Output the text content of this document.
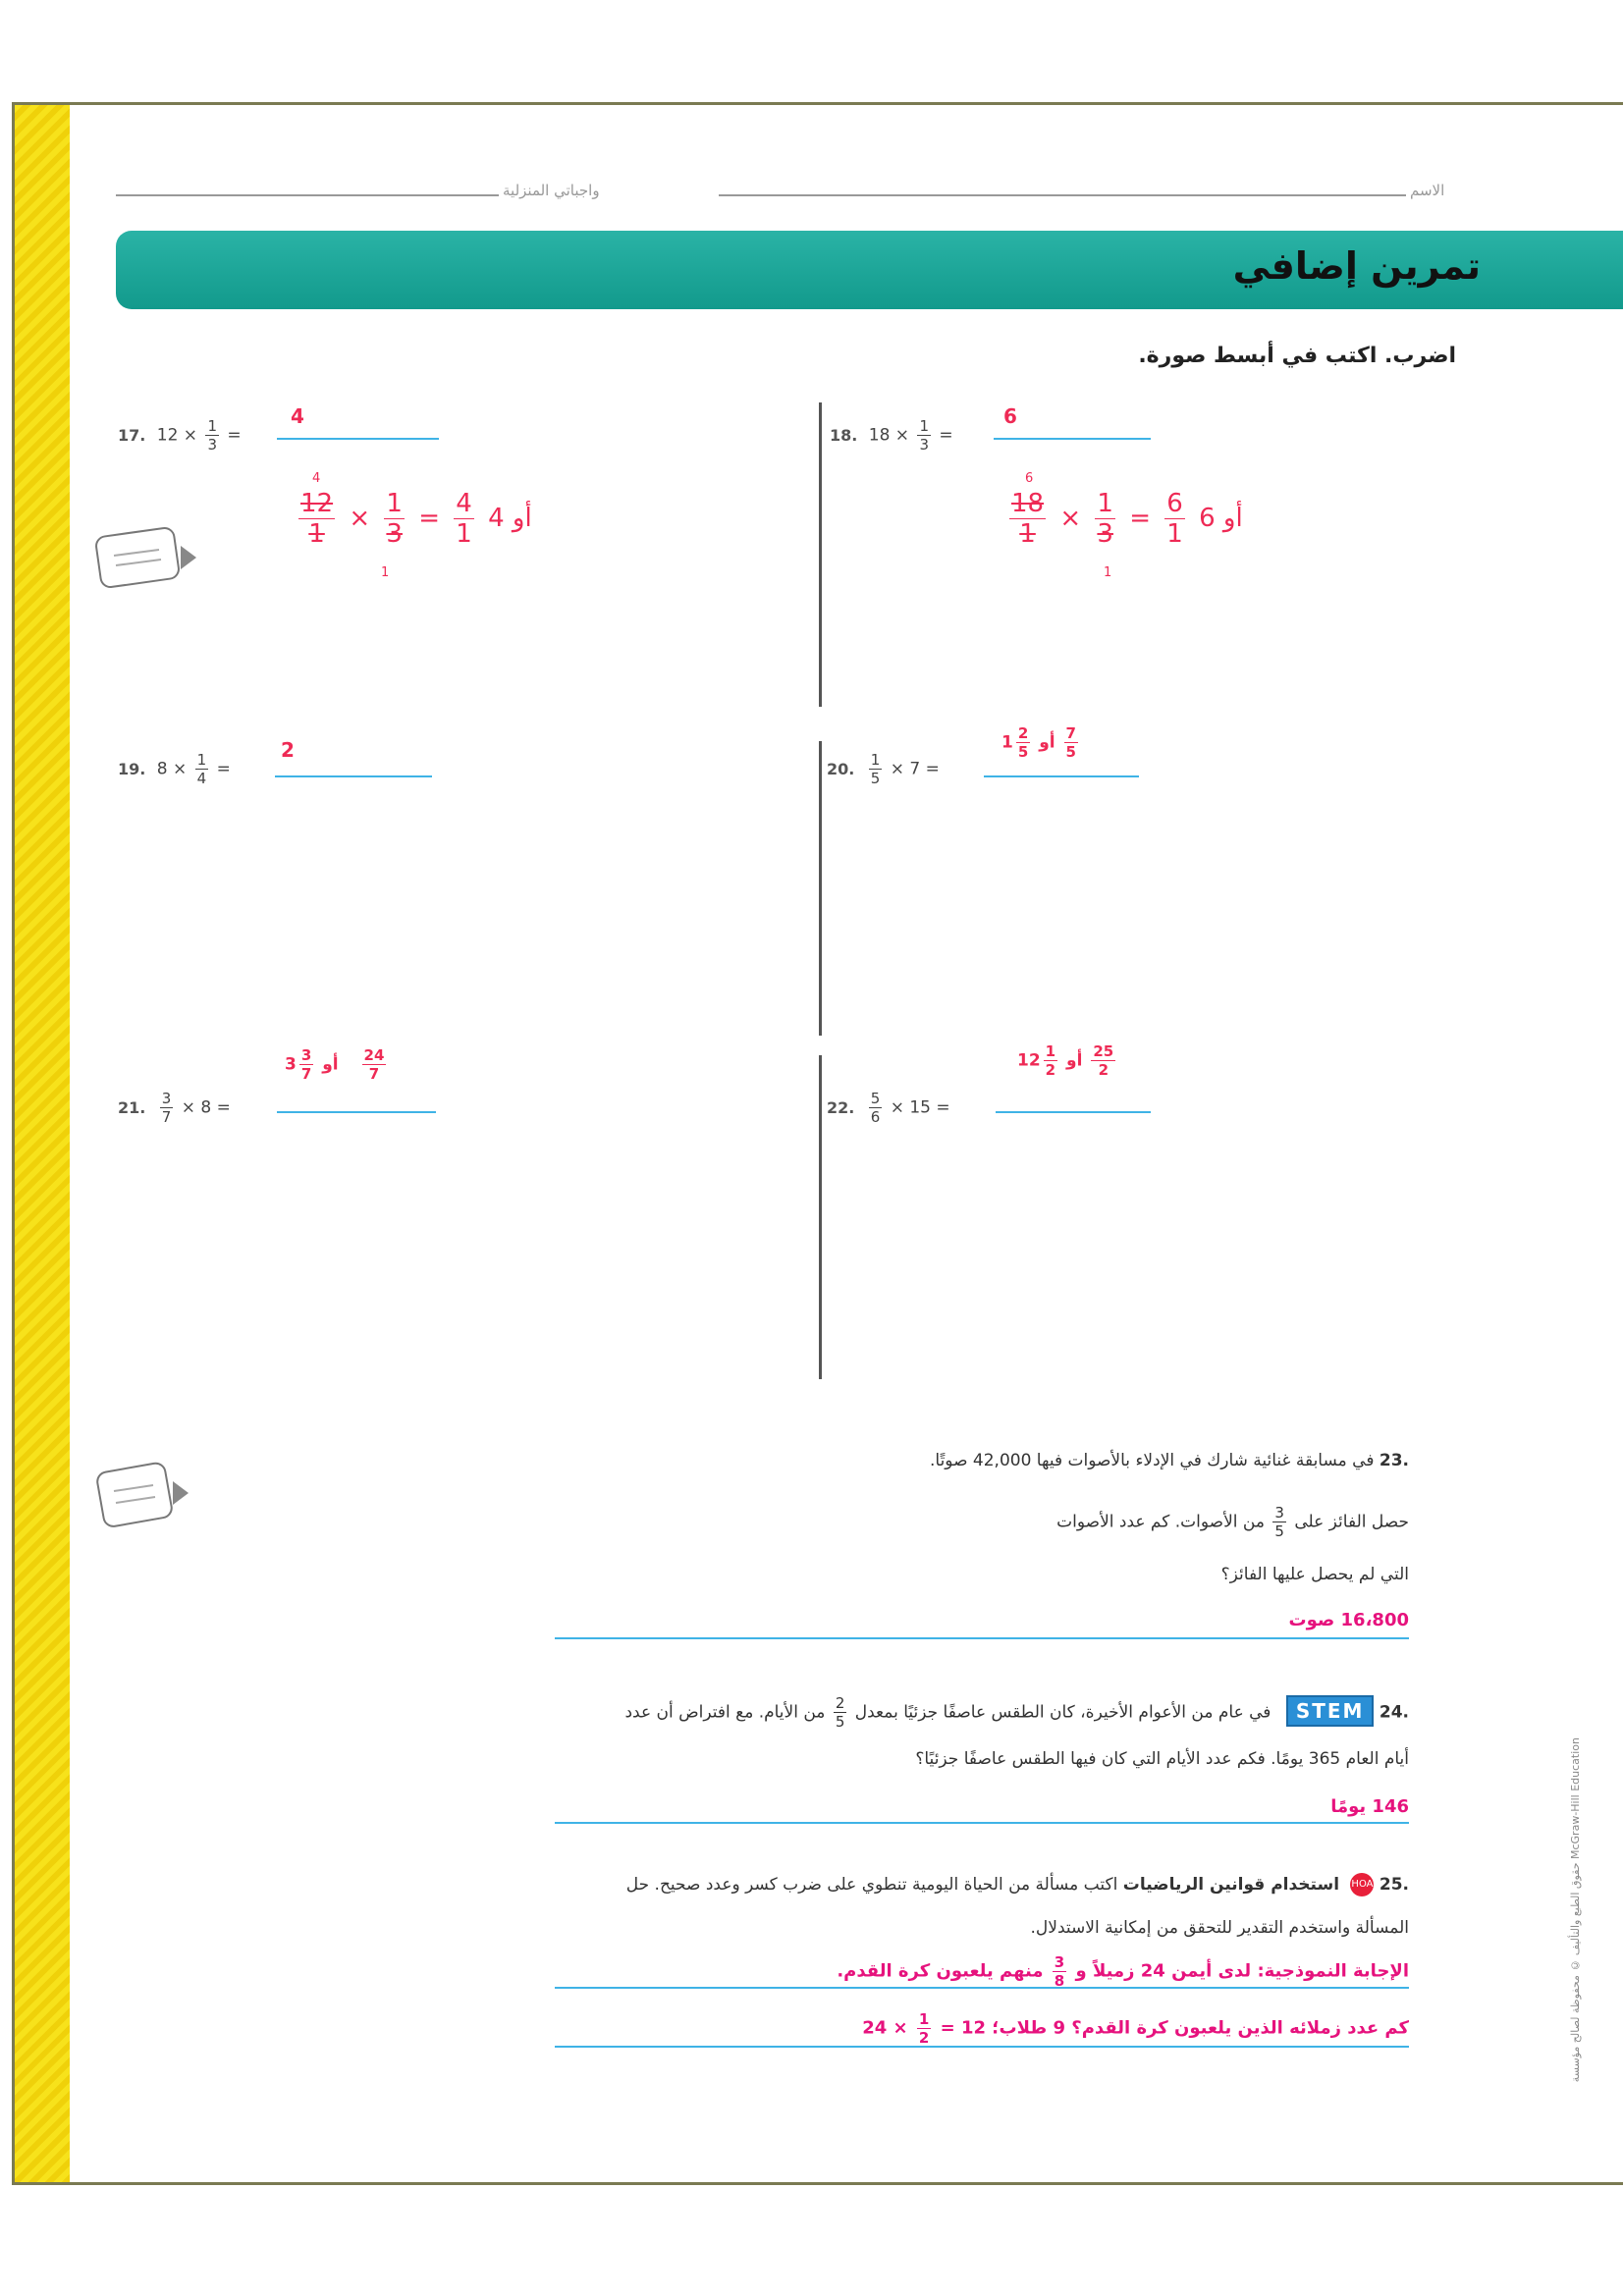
واجباتي المنزلية	الاسم
تمرين إضافي
اضرب. اكتب في أبسط صورة.
17. $12 \times \frac{1}{3}$ =
4
$\frac{12}{1} \times \frac{1}{3} = \frac{4}{1}$ أو 4
4
1
18. $18 \times \frac{1}{3}$ =
6
$\frac{18}{1} \times \frac{1}{3} = \frac{6}{1}$ أو 6
6
1
19. $8 \times \frac{1}{4}$ =
2
20. $\frac{1}{5} \times 7$ =
$1 \frac{2}{5}$ أو $\frac{7}{5}$
21. $\frac{3}{7} \times 8$ =
$3 \frac{3}{7}$ أو $\frac{24}{7}$
22. $\frac{5}{6} \times 15$ =
$12 \frac{1}{2}$ أو $\frac{25}{2}$
.23 في مسابقة غنائية شارك في الإدلاء بالأصوات فيها 42,000 صوتًا.
حصل الفائز على
$\frac{3}{5}$
من الأصوات. كم عدد الأصوات
التي لم يحصل عليها الفائز؟
16،800 صوت
.24 STEM في عام من الأعوام الأخيرة، كان الطقس عاصفًا جزئيًا بمعدل
$\frac{2}{5}$
من الأيام. مع افتراض أن عدد
أيام العام 365 يومًا. فكم عدد الأيام التي كان فيها الطقس عاصفًا جزئيًا؟
146 يومًا
.25 HOA استخدام قوانين الرياضيات اكتب مسألة من الحياة اليومية تنطوي على ضرب كسر وعدد صحيح. حل
المسألة واستخدم التقدير للتحقق من إمكانية الاستدلال.
الإجابة النموذجية: لدى أيمن 24 زميلاً و
$\frac{3}{8}$
منهم يلعبون كرة القدم.
كم عدد زملائه الذين يلعبون كرة القدم؟ 9 طلاب؛ 12 =
$\frac{1}{2}$
× 24	حقوق الطبع والتأليف © محفوظة لصالح مؤسسة McGraw-Hill Education
